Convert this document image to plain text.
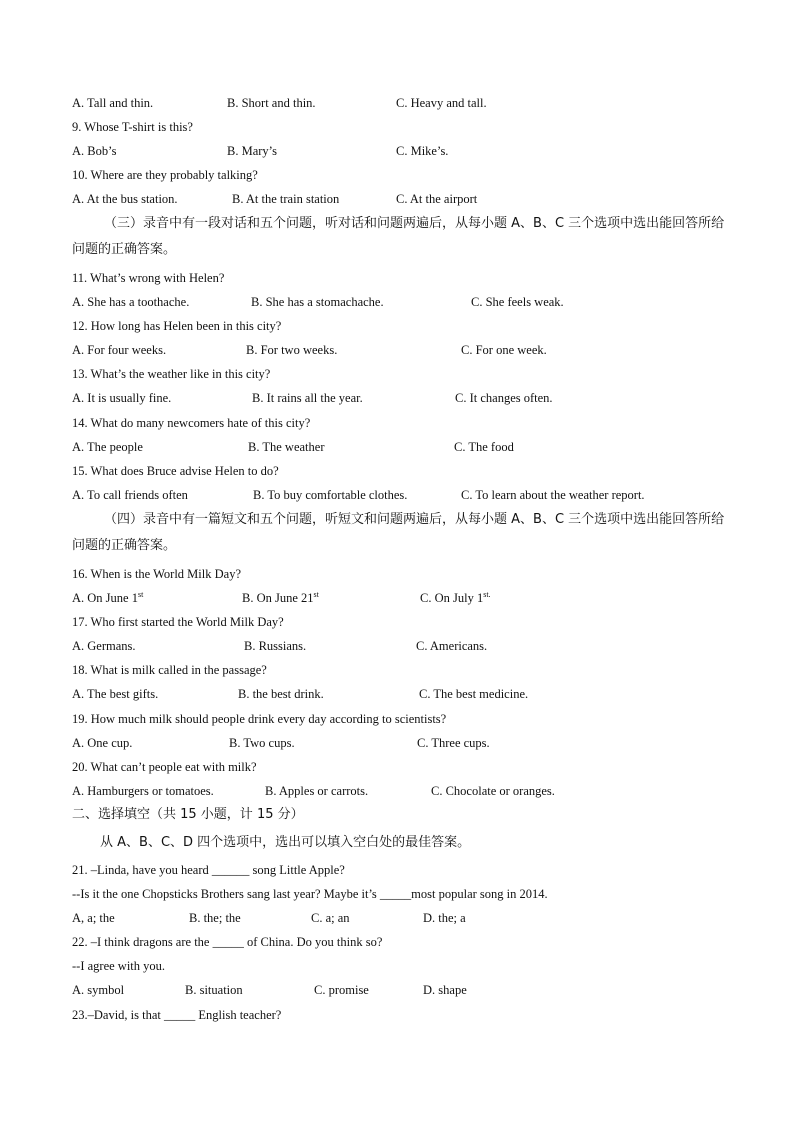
A. Tall and thin.	B. Short and thin.	C. Heavy and tall.
9. Whose T-shirt is this?
A. Bob’s	B. Mary’s	C. Mike’s.
10. Where are they probably talking?
A. At the bus station.	B. At the train station	C. At the airport
（三）录音中有一段对话和五个问题，听对话和问题两遍后，从每小题 A、B、C 三个选项中选出能回答所给问题的正确答案。
11. What’s wrong with Helen?
A. She has a toothache.	B. She has a stomachache.	C. She feels weak.
12. How long has Helen been in this city?
A. For four weeks.	B. For two weeks.	C. For one week.
13. What’s the weather like in this city?
A. It is usually fine.	B. It rains all the year.	C. It changes often.
14. What do many newcomers hate of this city?
A. The people	B. The weather	C. The food
15. What does Bruce advise Helen to do?
A. To call friends often	B. To buy comfortable clothes.	C. To learn about the weather report.
（四）录音中有一篇短文和五个问题，听短文和问题两遍后，从每小题 A、B、C 三个选项中选出能回答所给问题的正确答案。
16. When is the World Milk Day?
A. On June 1st	B. On June 21st	C. On July $1^{st.}$
17. Who first started the World Milk Day?
A. Germans.	B. Russians.	C. Americans.
18. What is milk called in the passage?
A. The best gifts.	B. the best drink.	C. The best medicine.
19. How much milk should people drink every day according to scientists?
A. One cup.	B. Two cups.	C. Three cups.
20. What can’t people eat with milk?
A. Hamburgers or tomatoes.	B. Apples or carrots.	C. Chocolate or oranges.
二、选择填空（共 15 小题，计 15 分）
从 A、B、C、D 四个选项中，选出可以填入空白处的最佳答案。
21. –Linda, have you heard ______ song Little Apple?
--Is it the one Chopsticks Brothers sang last year? Maybe it’s _____most popular song in 2014.
A, a; the	B. the; the	C. a; an	D. the; a
22. –I think dragons are the _____ of China. Do you think so?
--I agree with you.
A. symbol	B. situation	C. promise	D. shape
23.–David, is that _____ English teacher?
